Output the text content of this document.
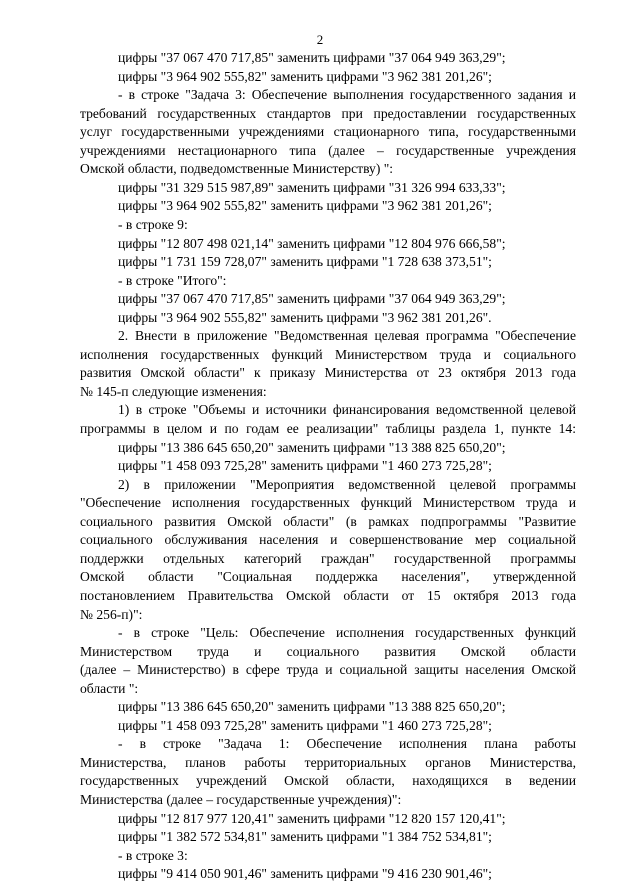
2
цифры "37 067 470 717,85" заменить цифрами "37 064 949 363,29";
цифры "3 964 902 555,82" заменить цифрами "3 962 381 201,26";
- в строке "Задача 3: Обеспечение выполнения государственного задания и
требований государственных стандартов при предоставлении государственных
услуг государственными учреждениями стационарного типа, государственными
учреждениями нестационарного типа (далее – государственные учреждения
Омской области, подведомственные Министерству) ":
цифры "31 329 515 987,89" заменить цифрами "31 326 994 633,33";
цифры "3 964 902 555,82" заменить цифрами "3 962 381 201,26";
- в строке 9:
цифры "12 807 498 021,14" заменить цифрами "12 804 976 666,58";
цифры "1 731 159 728,07" заменить цифрами "1 728 638 373,51";
- в строке "Итого":
цифры "37 067 470 717,85" заменить цифрами "37 064 949 363,29";
цифры "3 964 902 555,82" заменить цифрами "3 962 381 201,26".
2. Внести в приложение "Ведомственная целевая программа "Обеспечение
исполнения государственных функций Министерством труда и социального
развития Омской области" к приказу Министерства от 23 октября 2013 года
№ 145-п следующие изменения:
1) в строке "Объемы и источники финансирования ведомственной целевой
программы в целом и по годам ее реализации" таблицы раздела 1, пункте 14:
цифры "13 386 645 650,20" заменить цифрами "13 388 825 650,20";
цифры "1 458 093 725,28" заменить цифрами "1 460 273 725,28";
2) в приложении "Мероприятия ведомственной целевой программы
"Обеспечение исполнения государственных функций Министерством труда и
социального развития Омской области" (в рамках подпрограммы "Развитие
социального обслуживания населения и совершенствование мер социальной
поддержки отдельных категорий граждан" государственной программы
Омской области "Социальная поддержка населения", утвержденной
постановлением Правительства Омской области от 15 октября 2013 года
№ 256-п)":
- в строке "Цель: Обеспечение исполнения государственных функций
Министерством труда и социального развития Омской области
(далее – Министерство) в сфере труда и социальной защиты населения Омской
области ":
цифры "13 386 645 650,20" заменить цифрами "13 388 825 650,20";
цифры "1 458 093 725,28" заменить цифрами "1 460 273 725,28";
- в строке "Задача 1: Обеспечение исполнения плана работы
Министерства, планов работы территориальных органов Министерства,
государственных учреждений Омской области, находящихся в ведении
Министерства (далее – государственные учреждения)":
цифры "12 817 977 120,41" заменить цифрами "12 820 157 120,41";
цифры "1 382 572 534,81" заменить цифрами "1 384 752 534,81";
- в строке 3:
цифры "9 414 050 901,46" заменить цифрами "9 416 230 901,46";
